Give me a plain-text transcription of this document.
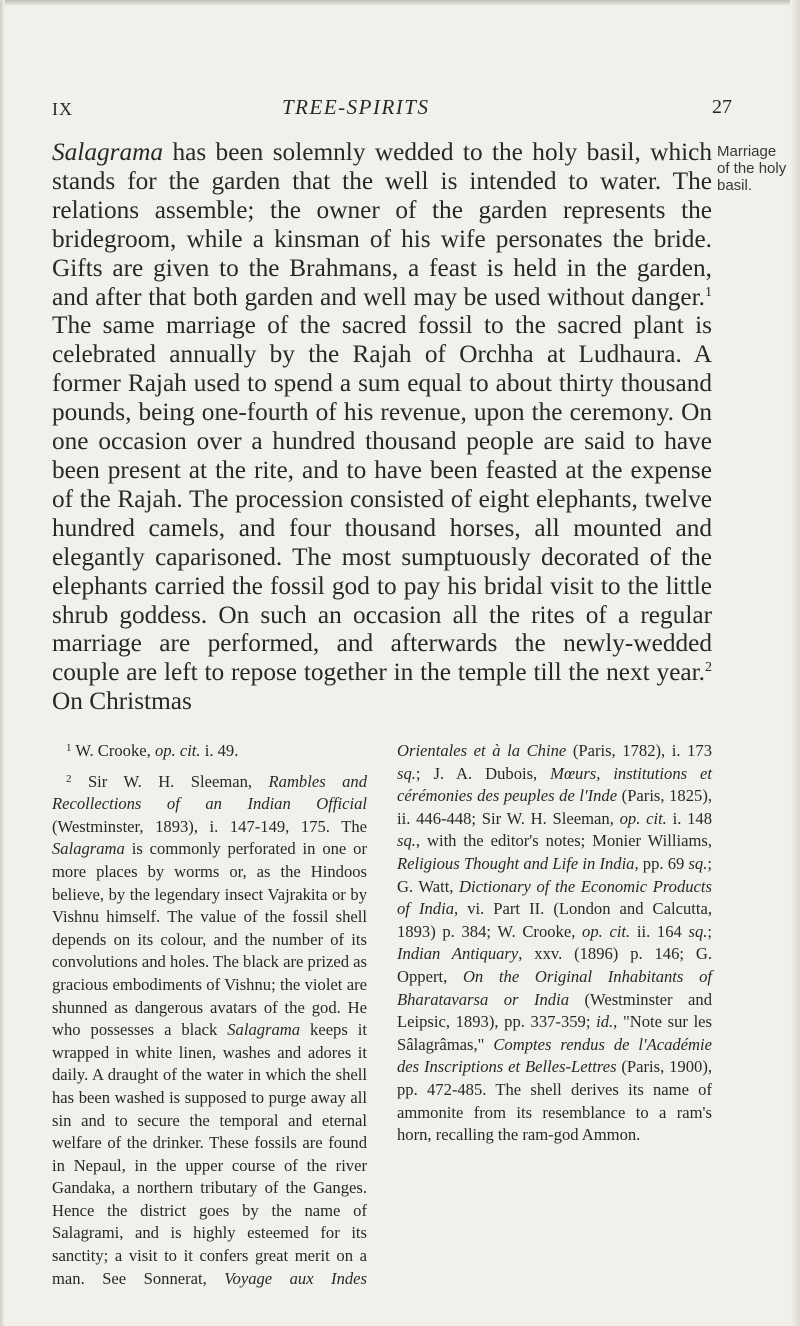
IX	TREE-SPIRITS	27

Salagrama has been solemnly wedded to the holy basil, which stands for the garden that the well is intended to water. The relations assemble; the owner of the garden represents the bridegroom, while a kinsman of his wife personates the bride. Gifts are given to the Brahmans, a feast is held in the garden, and after that both garden and well may be used without danger.$^1$ The same marriage of the sacred fossil to the sacred plant is celebrated annually by the Rajah of Orchha at Ludhaura. A former Rajah used to spend a sum equal to about thirty thousand pounds, being one-fourth of his revenue, upon the ceremony. On one occasion over a hundred thousand people are said to have been present at the rite, and to have been feasted at the expense of the Rajah. The procession consisted of eight elephants, twelve hundred camels, and four thousand horses, all mounted and elegantly caparisoned. The most sumptuously decorated of the elephants carried the fossil god to pay his bridal visit to the little shrub goddess. On such an occasion all the rites of a regular marriage are performed, and afterwards the newly-wedded couple are left to repose together in the temple till the next year.$^2$ On Christmas

Marriage of the holy basil.

$^1$ W. Crooke, op. cit. i. 49.

$^2$ Sir W. H. Sleeman, Rambles and Recollections of an Indian Official (Westminster, 1893), i. 147-149, 175. The Salagrama is commonly perforated in one or more places by worms or, as the Hindoos believe, by the legendary insect Vajrakita or by Vishnu himself. The value of the fossil shell depends on its colour, and the number of its convolutions and holes. The black are prized as gracious embodiments of Vishnu; the violet are shunned as dangerous avatars of the god. He who possesses a black Salagrama keeps it wrapped in white linen, washes and adores it daily. A draught of the water in which the shell has been washed is supposed to purge away all sin and to secure the temporal and eternal welfare of the drinker. These fossils are found in Nepaul, in the upper course of the river Gandaka, a northern tributary of the Ganges. Hence the district goes by the name of Salagrami, and is highly esteemed for its sanctity; a visit to it confers great merit on a man. See Sonnerat, Voyage aux Indes Orientales et à la Chine (Paris, 1782), i. 173 sq.; J. A. Dubois, Mœurs, institutions et cérémonies des peuples de l'Inde (Paris, 1825), ii. 446-448; Sir W. H. Sleeman, op. cit. i. 148 sq., with the editor's notes; Monier Williams, Religious Thought and Life in India, pp. 69 sq.; G. Watt, Dictionary of the Economic Products of India, vi. Part II. (London and Calcutta, 1893) p. 384; W. Crooke, op. cit. ii. 164 sq.; Indian Antiquary, xxv. (1896) p. 146; G. Oppert, On the Original Inhabitants of Bharatavarsa or India (Westminster and Leipsic, 1893), pp. 337-359; id., "Note sur les Sâlagrâmas," Comptes rendus de l'Académie des Inscriptions et Belles-Lettres (Paris, 1900), pp. 472-485. The shell derives its name of ammonite from its resemblance to a ram's horn, recalling the ram-god Ammon.
